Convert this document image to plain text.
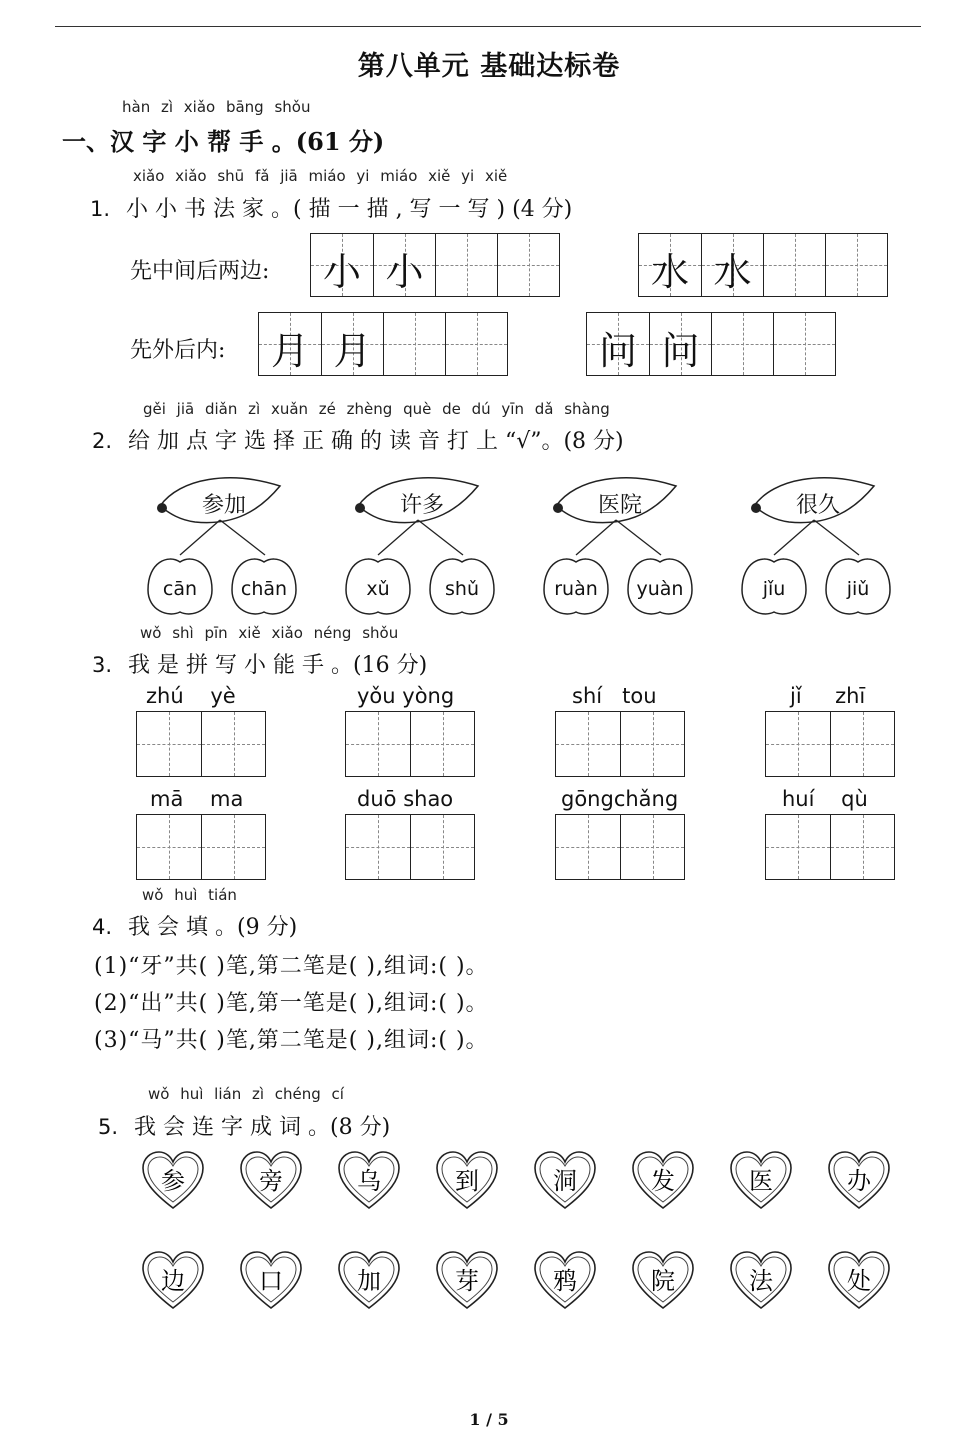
第八单元 基础达标卷
hàn zì xiǎo bāng shǒu
一、汉 字 小 帮 手 。(61 分)
xiǎo xiǎo shū fǎ jiā miáo yi miáo xiě yi xiě
1. 小 小 书 法 家 。( 描 一 描 , 写 一 写 ) (4 分)
先中间后两边:	小 小	水 水
先外后内:	月 月	问 问
gěi jiā diǎn zì xuǎn zé zhèng què de dú yīn dǎ shàng
2. 给 加 点 字 选 择 正 确 的 读 音 打 上 “√”。(8 分)
参加
cān	chān
许多
xǔ	shǔ
医院
ruàn	yuàn
很久
jǐu	jiǔ
wǒ shì pīn xiě xiǎo néng shǒu
3. 我 是 拼 写 小 能 手 。(16 分)
zhú yè	yǒu yòng	shí tou	jǐ zhī
mā ma	duō shao	gōngchǎng	huí qù
wǒ huì tián
4. 我 会 填 。(9 分)
(1)“牙”共( )笔,第二笔是( ),组词:( )。
(2)“出”共( )笔,第一笔是( ),组词:( )。
(3)“马”共( )笔,第二笔是( ),组词:( )。
wǒ huì lián zì chéng cí
5. 我 会 连 字 成 词 。(8 分)
参	旁	乌	到	洞	发	医	办
边	口	加	芽	鸦	院	法	处
1 / 5
